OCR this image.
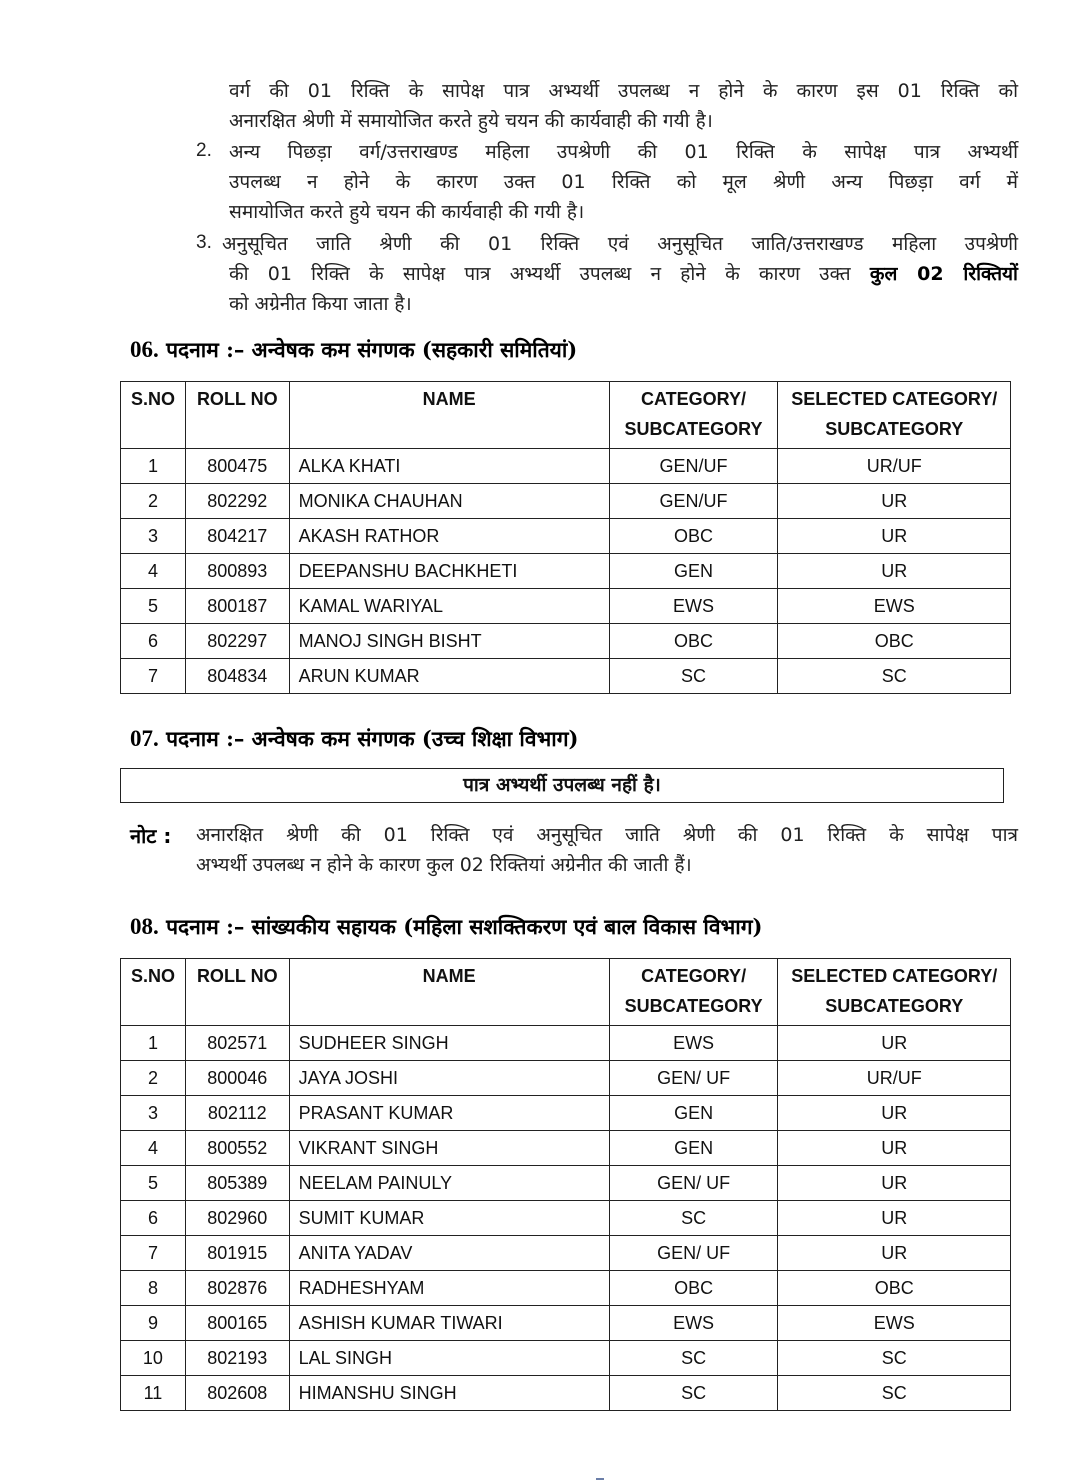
वर्ग की 01 रिक्ति के सापेक्ष पात्र अभ्यर्थी उपलब्ध न होने के कारण इस 01 रिक्ति को
अनारक्षित श्रेणी में समायोजित करते हुये चयन की कार्यवाही की गयी है।
2. अन्य पिछड़ा वर्ग/उत्तराखण्ड महिला उपश्रेणी की 01 रिक्ति के सापेक्ष पात्र अभ्यर्थी
उपलब्ध न होने के कारण उक्त 01 रिक्ति को मूल श्रेणी अन्य पिछड़ा वर्ग में
समायोजित करते हुये चयन की कार्यवाही की गयी है।
3. अनुसूचित जाति श्रेणी की 01 रिक्ति एवं अनुसूचित जाति/उत्तराखण्ड महिला उपश्रेणी
की 01 रिक्ति के सापेक्ष पात्र अभ्यर्थी उपलब्ध न होने के कारण उक्त कुल 02 रिक्तियों
को अग्रेनीत किया जाता है।
06. पदनाम :– अन्वेषक कम संगणक (सहकारी समितियां)
S.NO	ROLL NO	NAME	CATEGORY/ SUBCATEGORY	SELECTED CATEGORY/ SUBCATEGORY
1	800475	ALKA KHATI	GEN/UF	UR/UF
2	802292	MONIKA CHAUHAN	GEN/UF	UR
3	804217	AKASH RATHOR	OBC	UR
4	800893	DEEPANSHU BACHKHETI	GEN	UR
5	800187	KAMAL WARIYAL	EWS	EWS
6	802297	MANOJ SINGH BISHT	OBC	OBC
7	804834	ARUN KUMAR	SC	SC
07. पदनाम :– अन्वेषक कम संगणक (उच्च शिक्षा विभाग)
पात्र अभ्यर्थी उपलब्ध नहीं है।
नोट : अनारक्षित श्रेणी की 01 रिक्ति एवं अनुसूचित जाति श्रेणी की 01 रिक्ति के सापेक्ष पात्र
अभ्यर्थी उपलब्ध न होने के कारण कुल 02 रिक्तियां अग्रेनीत की जाती हैं।
08. पदनाम :– सांख्यकीय सहायक (महिला सशक्तिकरण एवं बाल विकास विभाग)
S.NO	ROLL NO	NAME	CATEGORY/ SUBCATEGORY	SELECTED CATEGORY/ SUBCATEGORY
1	802571	SUDHEER SINGH	EWS	UR
2	800046	JAYA JOSHI	GEN/ UF	UR/UF
3	802112	PRASANT KUMAR	GEN	UR
4	800552	VIKRANT SINGH	GEN	UR
5	805389	NEELAM PAINULY	GEN/ UF	UR
6	802960	SUMIT KUMAR	SC	UR
7	801915	ANITA YADAV	GEN/ UF	UR
8	802876	RADHESHYAM	OBC	OBC
9	800165	ASHISH KUMAR TIWARI	EWS	EWS
10	802193	LAL SINGH	SC	SC
11	802608	HIMANSHU SINGH	SC	SC
